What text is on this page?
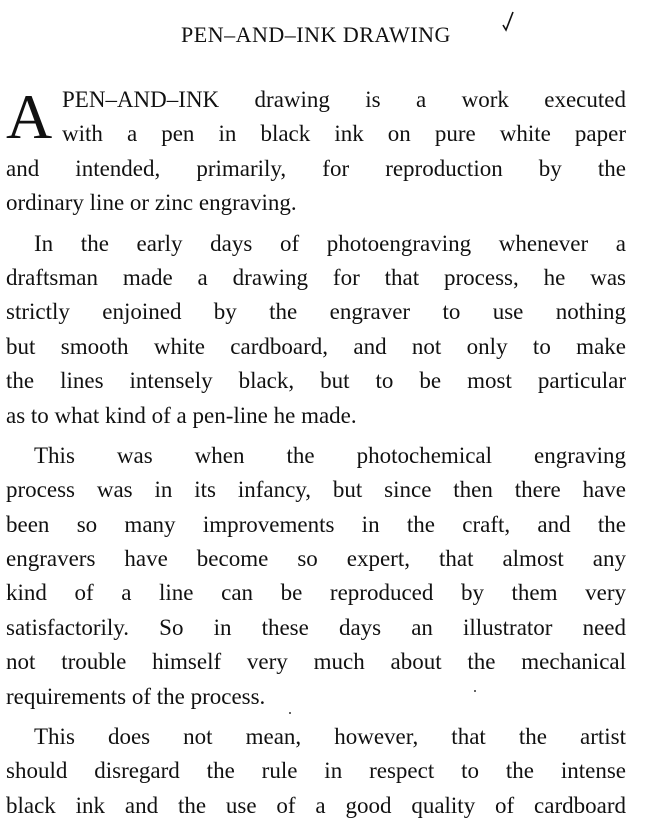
PEN–AND–INK DRAWING
A PEN–AND–INK drawing is a work executed
with a pen in black ink on pure white paper
and intended, primarily, for reproduction by the
ordinary line or zinc engraving.
In the early days of photoengraving whenever a
draftsman made a drawing for that process, he was
strictly enjoined by the engraver to use nothing
but smooth white cardboard, and not only to make
the lines intensely black, but to be most particular
as to what kind of a pen-line he made.
This was when the photochemical engraving
process was in its infancy, but since then there have
been so many improvements in the craft, and the
engravers have become so expert, that almost any
kind of a line can be reproduced by them very
satisfactorily. So in these days an illustrator need
not trouble himself very much about the mechanical
requirements of the process.
This does not mean, however, that the artist
should disregard the rule in respect to the intense
black ink and the use of a good quality of cardboard
